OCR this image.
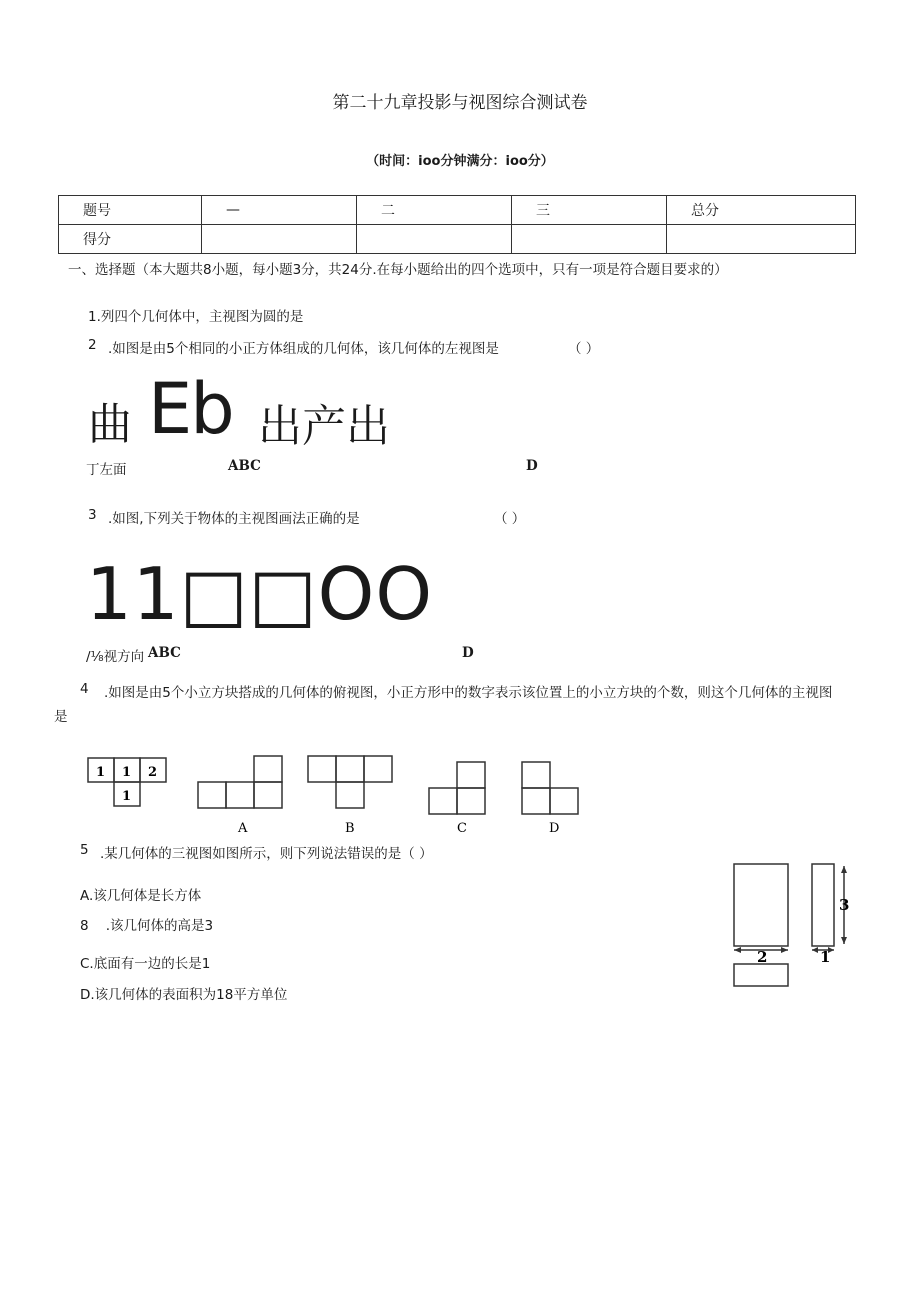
第二十九章投影与视图综合测试卷
（时间：ioo分钟满分：ioo分）
题号	—	二	三	总分
得分				
一、选择题（本大题共8小题，每小题3分，共24分.在每小题给出的四个选项中，只有一项是符合题目要求的）
1.列四个几何体中，主视图为圆的是
2 .如图是由5个相同的小正方体组成的几何体，该几何体的左视图是	（ ）
曲 Eb 出产出
丁左面	ABC	D
3 .如图,下列关于物体的主视图画法正确的是	（ ）
11□□OO
/⅛视方向 ABC	D
4 .如图是由5个小立方块搭成的几何体的俯视图，小正方形中的数字表示该位置上的小立方块的个数，则这个几何体的主视图
是
1 1 2
1
A	B	C	D
5 .某几何体的三视图如图所示，则下列说法错误的是（ ）
A.该几何体是长方体
8    .该几何体的高是3
C.底面有一边的长是1
D.该几何体的表面积为18平方单位
3
2	1
